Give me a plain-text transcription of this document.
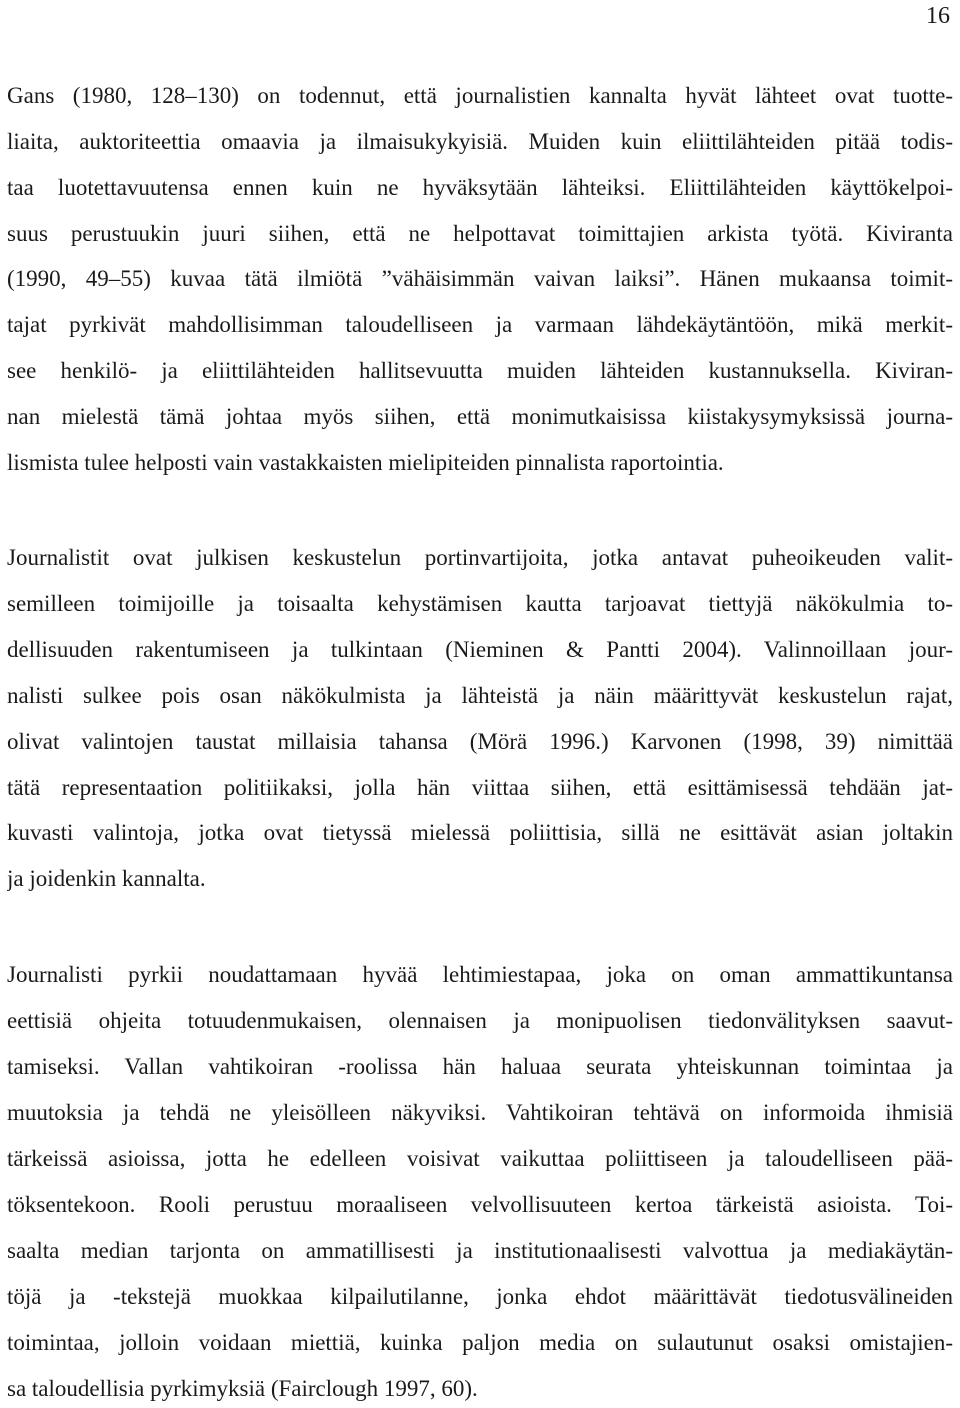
16
Gans (1980, 128–130) on todennut, että journalistien kannalta hyvät lähteet ovat tuotte-
liaita, auktoriteettia omaavia ja ilmaisukykyisiä. Muiden kuin eliittilähteiden pitää todis-
taa luotettavuutensa ennen kuin ne hyväksytään lähteiksi. Eliittilähteiden käyttökelpoi-
suus perustuukin juuri siihen, että ne helpottavat toimittajien arkista työtä. Kiviranta
(1990, 49–55) kuvaa tätä ilmiötä ”vähäisimmän vaivan laiksi”. Hänen mukaansa toimit-
tajat pyrkivät mahdollisimman taloudelliseen ja varmaan lähdekäytäntöön, mikä merkit-
see henkilö- ja eliittilähteiden hallitsevuutta muiden lähteiden kustannuksella. Kiviran-
nan mielestä tämä johtaa myös siihen, että monimutkaisissa kiistakysymyksissä journa-
lismista tulee helposti vain vastakkaisten mielipiteiden pinnalista raportointia.
Journalistit ovat julkisen keskustelun portinvartijoita, jotka antavat puheoikeuden valit-
semilleen toimijoille ja toisaalta kehystämisen kautta tarjoavat tiettyjä näkökulmia to-
dellisuuden rakentumiseen ja tulkintaan (Nieminen & Pantti 2004). Valinnoillaan jour-
nalisti sulkee pois osan näkökulmista ja lähteistä ja näin määrittyvät keskustelun rajat,
olivat valintojen taustat millaisia tahansa (Mörä 1996.) Karvonen (1998, 39) nimittää
tätä representaation politiikaksi, jolla hän viittaa siihen, että esittämisessä tehdään jat-
kuvasti valintoja, jotka ovat tietyssä mielessä poliittisia, sillä ne esittävät asian joltakin
ja joidenkin kannalta.
Journalisti pyrkii noudattamaan hyvää lehtimiestapaa, joka on oman ammattikuntansa
eettisiä ohjeita totuudenmukaisen, olennaisen ja monipuolisen tiedonvälityksen saavut-
tamiseksi. Vallan vahtikoiran -roolissa hän haluaa seurata yhteiskunnan toimintaa ja
muutoksia ja tehdä ne yleisölleen näkyviksi. Vahtikoiran tehtävä on informoida ihmisiä
tärkeissä asioissa, jotta he edelleen voisivat vaikuttaa poliittiseen ja taloudelliseen pää-
töksentekoon. Rooli perustuu moraaliseen velvollisuuteen kertoa tärkeistä asioista. Toi-
saalta median tarjonta on ammatillisesti ja institutionaalisesti valvottua ja mediakäytän-
töjä ja -tekstejä muokkaa kilpailutilanne, jonka ehdot määrittävät tiedotusvälineiden
toimintaa, jolloin voidaan miettiä, kuinka paljon media on sulautunut osaksi omistajien-
sa taloudellisia pyrkimyksiä (Fairclough 1997, 60).
